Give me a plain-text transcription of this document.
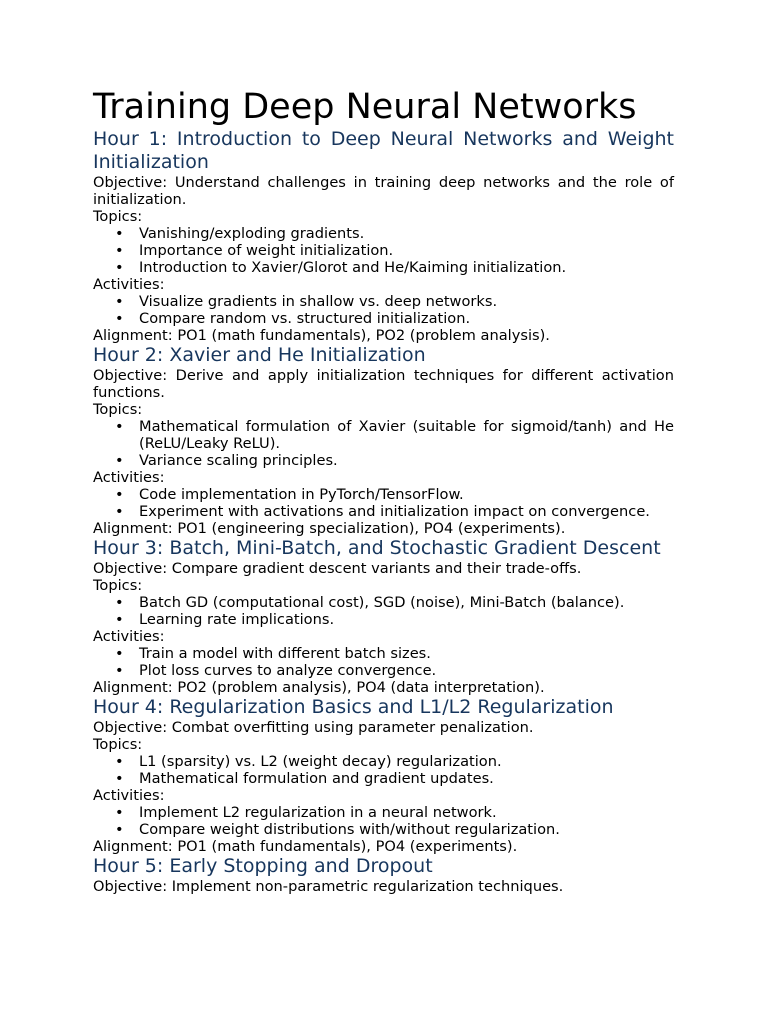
Training Deep Neural Networks
Hour 1: Introduction to Deep Neural Networks and Weight Initialization

Objective: Understand challenges in training deep networks and the role of initialization.

Topics:

• Vanishing/exploding gradients.
• Importance of weight initialization.
• Introduction to Xavier/Glorot and He/Kaiming initialization.

Activities:

• Visualize gradients in shallow vs. deep networks.
• Compare random vs. structured initialization.

Alignment: PO1 (math fundamentals), PO2 (problem analysis).

Hour 2: Xavier and He Initialization

Objective: Derive and apply initialization techniques for different activation functions.

Topics:

• Mathematical formulation of Xavier (suitable for sigmoid/tanh) and He (ReLU/Leaky ReLU).
• Variance scaling principles.

Activities:

• Code implementation in PyTorch/TensorFlow.
• Experiment with activations and initialization impact on convergence.

Alignment: PO1 (engineering specialization), PO4 (experiments).

Hour 3: Batch, Mini-Batch, and Stochastic Gradient Descent

Objective: Compare gradient descent variants and their trade-offs.

Topics:

• Batch GD (computational cost), SGD (noise), Mini-Batch (balance).
• Learning rate implications.

Activities:

• Train a model with different batch sizes.
• Plot loss curves to analyze convergence.

Alignment: PO2 (problem analysis), PO4 (data interpretation).

Hour 4: Regularization Basics and L1/L2 Regularization

Objective: Combat overfitting using parameter penalization.

Topics:

• L1 (sparsity) vs. L2 (weight decay) regularization.
• Mathematical formulation and gradient updates.

Activities:

• Implement L2 regularization in a neural network.
• Compare weight distributions with/without regularization.

Alignment: PO1 (math fundamentals), PO4 (experiments).

Hour 5: Early Stopping and Dropout

Objective: Implement non-parametric regularization techniques.
